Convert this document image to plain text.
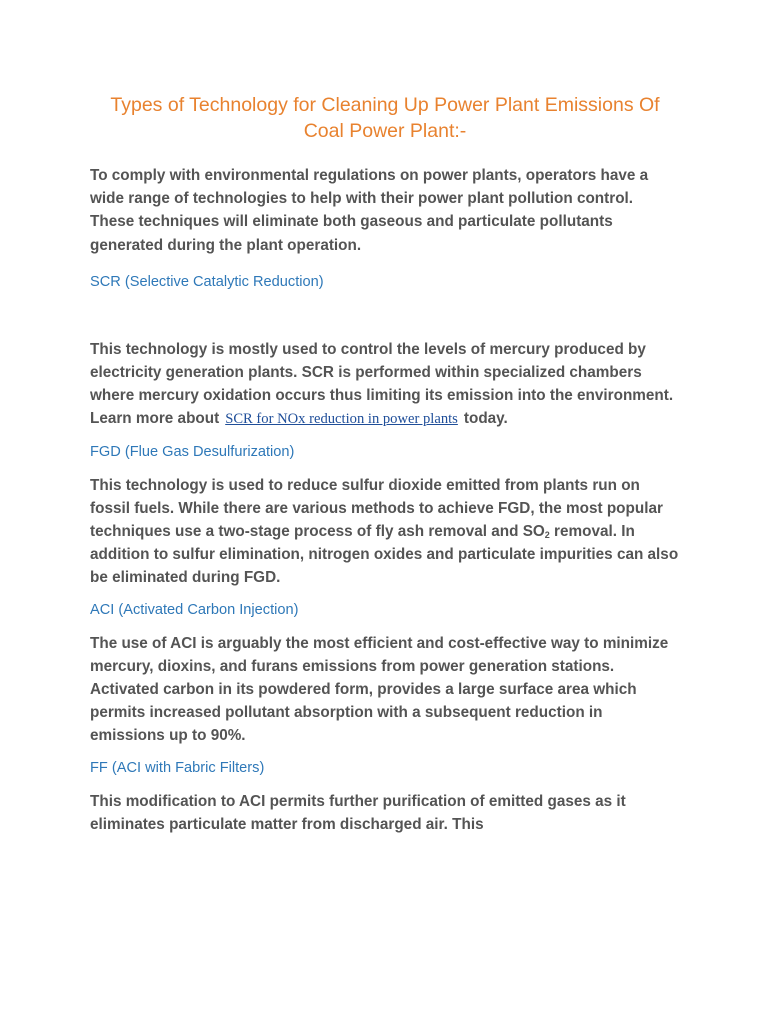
Types of Technology for Cleaning Up Power Plant Emissions Of Coal Power Plant:-

To comply with environmental regulations on power plants, operators have a wide range of technologies to help with their power plant pollution control. These techniques will eliminate both gaseous and particulate pollutants generated during the plant operation.

SCR (Selective Catalytic Reduction)

This technology is mostly used to control the levels of mercury produced by electricity generation plants. SCR is performed within specialized chambers where mercury oxidation occurs thus limiting its emission into the environment. Learn more about SCR for NOx reduction in power plants today.

FGD (Flue Gas Desulfurization)

This technology is used to reduce sulfur dioxide emitted from plants run on fossil fuels. While there are various methods to achieve FGD, the most popular techniques use a two-stage process of fly ash removal and $SO_2$ removal. In addition to sulfur elimination, nitrogen oxides and particulate impurities can also be eliminated during FGD.

ACI (Activated Carbon Injection)

The use of ACI is arguably the most efficient and cost-effective way to minimize mercury, dioxins, and furans emissions from power generation stations. Activated carbon in its powdered form, provides a large surface area which permits increased pollutant absorption with a subsequent reduction in emissions up to 90%.

FF (ACI with Fabric Filters)

This modification to ACI permits further purification of emitted gases as it eliminates particulate matter from discharged air. This
